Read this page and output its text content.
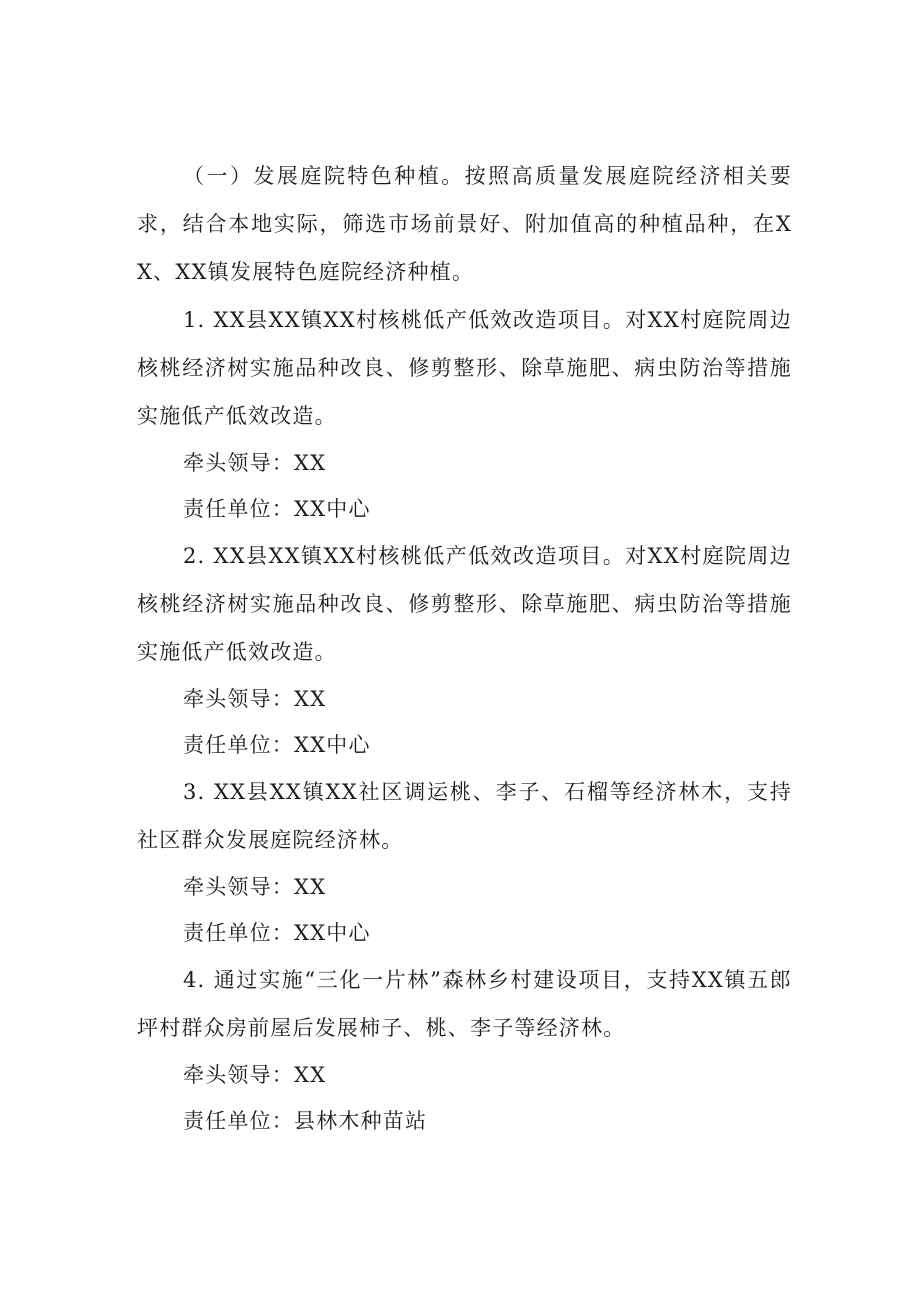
（一）发展庭院特色种植。按照高质量发展庭院经济相关要求，结合本地实际，筛选市场前景好、附加值高的种植品种，在XX、XX镇发展特色庭院经济种植。

1. XX县XX镇XX村核桃低产低效改造项目。对XX村庭院周边核桃经济树实施品种改良、修剪整形、除草施肥、病虫防治等措施实施低产低效改造。

牵头领导：XX

责任单位：XX中心

2. XX县XX镇XX村核桃低产低效改造项目。对XX村庭院周边核桃经济树实施品种改良、修剪整形、除草施肥、病虫防治等措施实施低产低效改造。

牵头领导：XX

责任单位：XX中心

3. XX县XX镇XX社区调运桃、李子、石榴等经济林木，支持社区群众发展庭院经济林。

牵头领导：XX

责任单位：XX中心

4. 通过实施“三化一片林”森林乡村建设项目，支持XX镇五郎坪村群众房前屋后发展柿子、桃、李子等经济林。

牵头领导：XX

责任单位：县林木种苗站
